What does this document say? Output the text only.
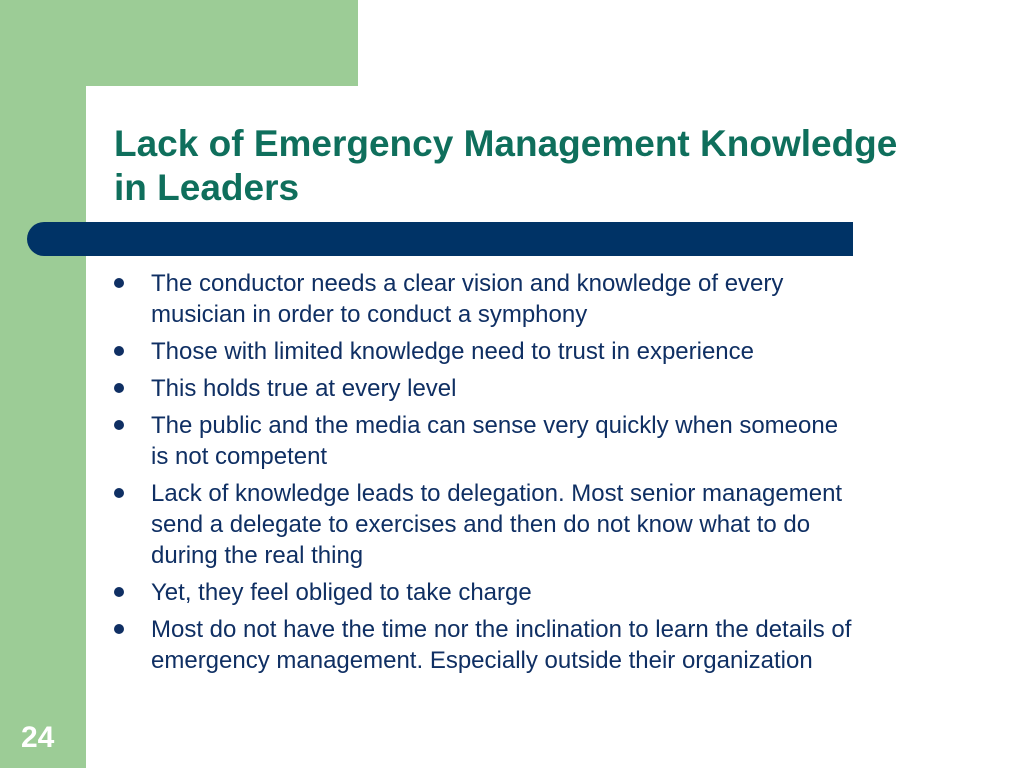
Lack of Emergency Management Knowledge
in Leaders
The conductor needs a clear vision and knowledge of every
musician in order to conduct a symphony
Those with limited knowledge need to trust in experience
This holds true at every level
The public and the media can sense very quickly when someone
is not competent
Lack of knowledge leads to delegation. Most senior management
send a delegate to exercises and then do not know what to do
during the real thing
Yet, they feel obliged to take charge
Most do not have the time nor the inclination to learn the details of
emergency management. Especially outside their organization
24
